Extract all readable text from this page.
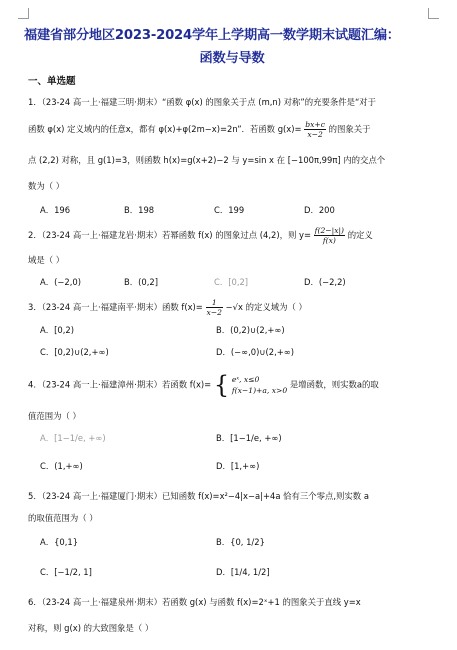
福建省部分地区2023-2024学年上学期高一数学期末试题汇编：
函数与导数
一、单选题
1．（23-24 高一上·福建三明·期末）“函数 φ(x) 的图象关于点 (m,n) 对称”的充要条件是“对于
函数 φ(x) 定义域内的任意x，都有 φ(x)+φ(2m−x)=2n”．若函数 $g(x)= \frac{bx+c}{x-2}$ 的图象关于
点 (2,2) 对称，且 g(1)=3，则函数 h(x)=g(x+2)−2 与 y=sin x 在 [−100π,99π] 内的交点个
数为（ ）
A．196	B．198	C．199	D．200
2．（23-24 高一上·福建龙岩·期末）若幂函数 f(x) 的图象过点 (4,2)，则 $y= \frac{f(2-|x|)}{f(x)}$ 的定义
域是（ ）
A．(−2,0)	B．(0,2]	C．[0,2]	D．(−2,2)
3．（23-24 高一上·福建南平·期末）函数 $f(x)= \frac{1}{x-2} -√x$ 的定义域为（ ）
A．[0,2)	B．(0,2)∪(2,+∞)
C．[0,2)∪(2,+∞)	D．(−∞,0)∪(2,+∞)
4．（23-24 高一上·福建漳州·期末）若函数 f(x)= { eˣ, x≤0
f(x−1)+a, x>0
是增函数，则实数a的取
值范围为（ ）
A．[1−1/e, +∞)	B．[1−1/e, +∞)
C．(1,+∞)	D．[1,+∞)
5．（23-24 高一上·福建厦门·期末）已知函数 f(x)=x²−4|x−a|+4a 恰有三个零点,则实数 a
的取值范围为（ ）
A．{0,1}	B．{0, 1/2}
C．[−1/2, 1]	D．[1/4, 1/2]
6．（23-24 高一上·福建泉州·期末）若函数 g(x) 与函数 f(x)=2ˣ+1 的图象关于直线 y=x
对称，则 g(x) 的大致图象是（ ）
